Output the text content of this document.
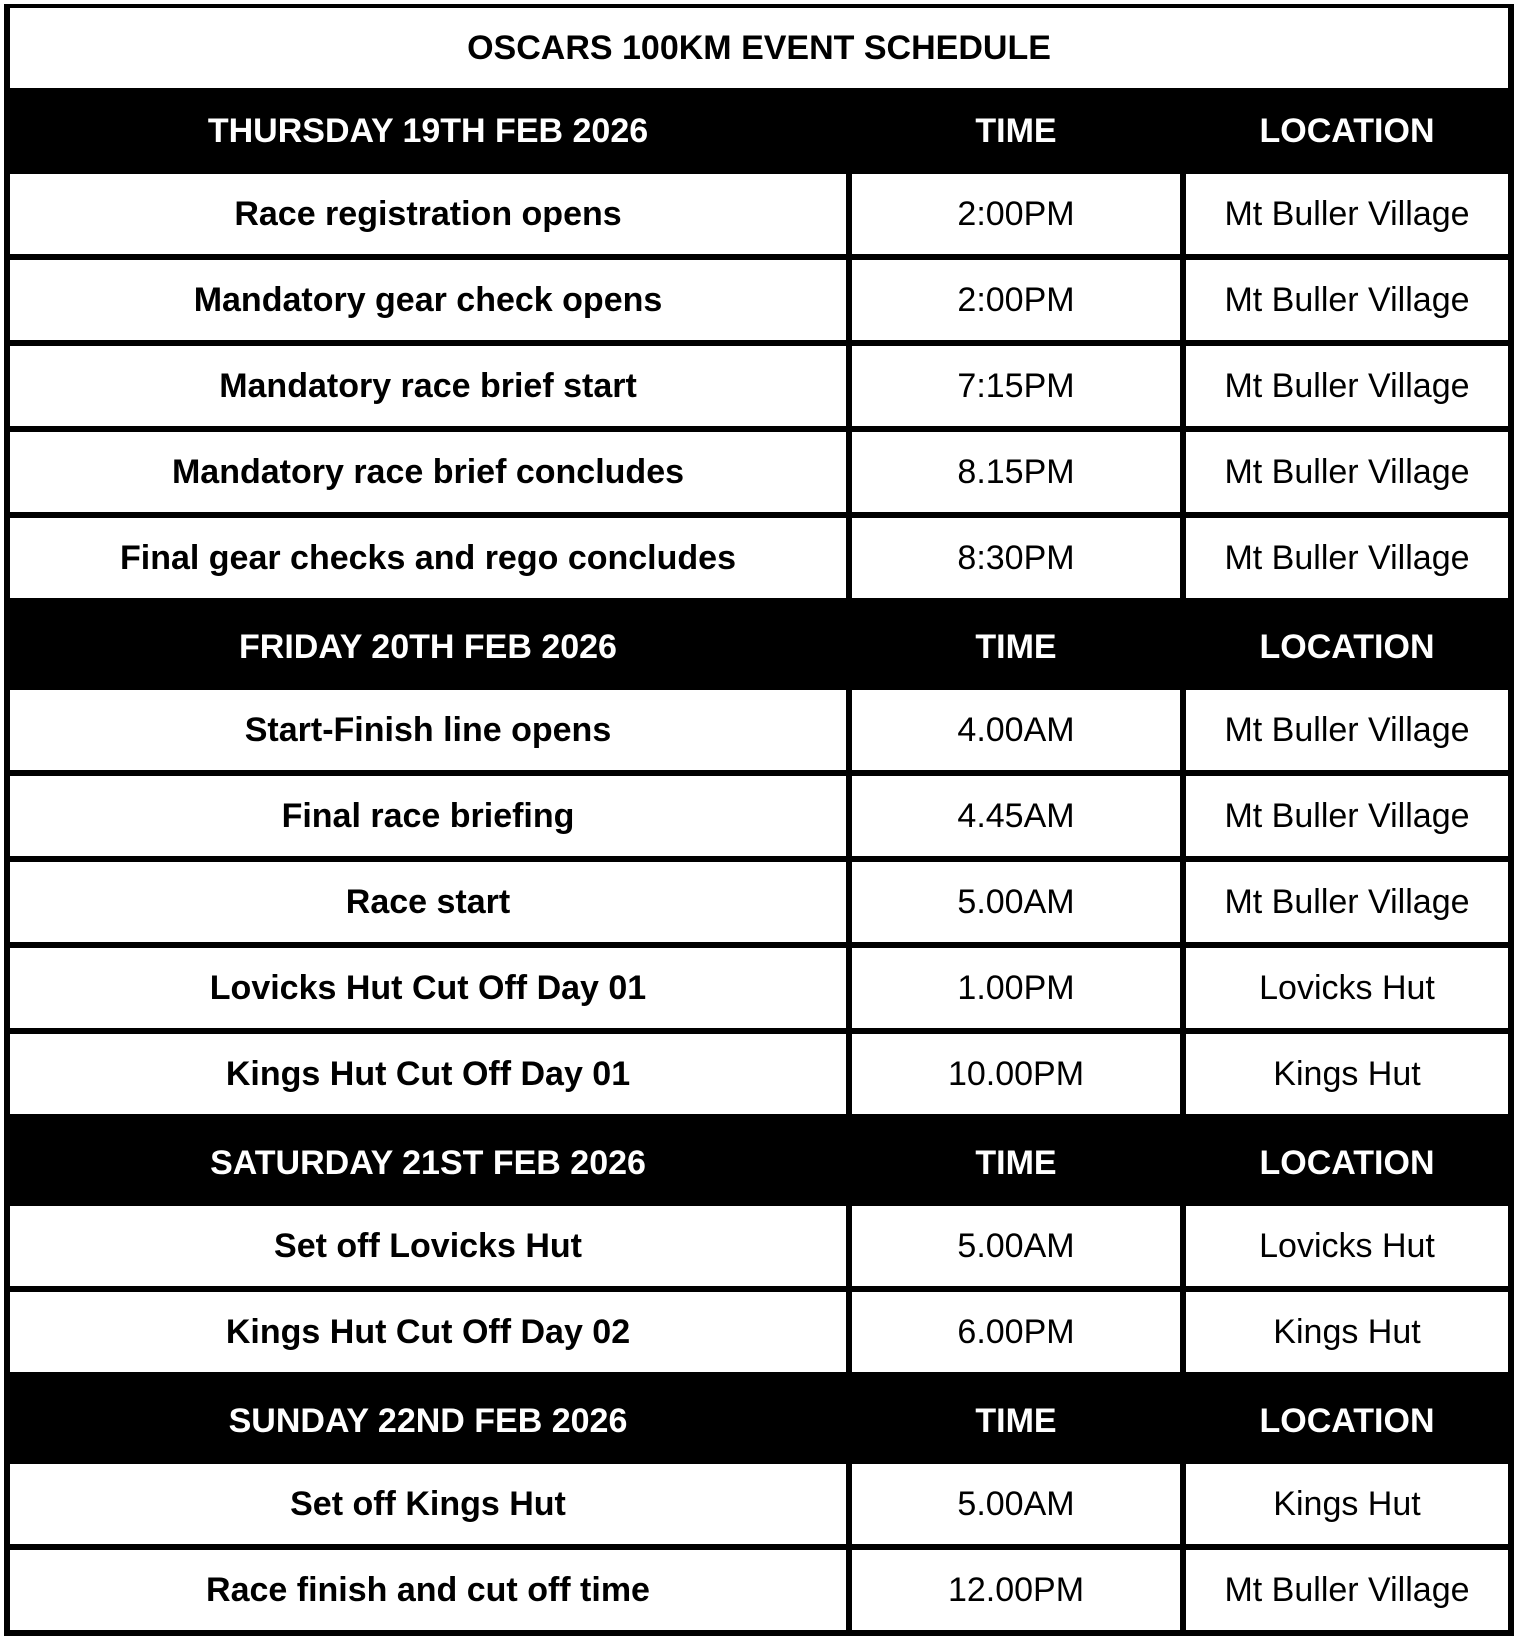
OSCARS 100KM EVENT SCHEDULE
THURSDAY 19TH FEB 2026	TIME	LOCATION
Race registration opens	2:00PM	Mt Buller Village
Mandatory gear check opens	2:00PM	Mt Buller Village
Mandatory race brief start	7:15PM	Mt Buller Village
Mandatory race brief concludes	8.15PM	Mt Buller Village
Final gear checks and rego concludes	8:30PM	Mt Buller Village
FRIDAY 20TH FEB 2026	TIME	LOCATION
Start-Finish line opens	4.00AM	Mt Buller Village
Final race briefing	4.45AM	Mt Buller Village
Race start	5.00AM	Mt Buller Village
Lovicks Hut Cut Off Day 01	1.00PM	Lovicks Hut
Kings Hut Cut Off Day 01	10.00PM	Kings Hut
SATURDAY 21ST FEB 2026	TIME	LOCATION
Set off Lovicks Hut	5.00AM	Lovicks Hut
Kings Hut Cut Off Day 02	6.00PM	Kings Hut
SUNDAY 22ND FEB 2026	TIME	LOCATION
Set off Kings Hut	5.00AM	Kings Hut
Race finish and cut off time	12.00PM	Mt Buller Village
